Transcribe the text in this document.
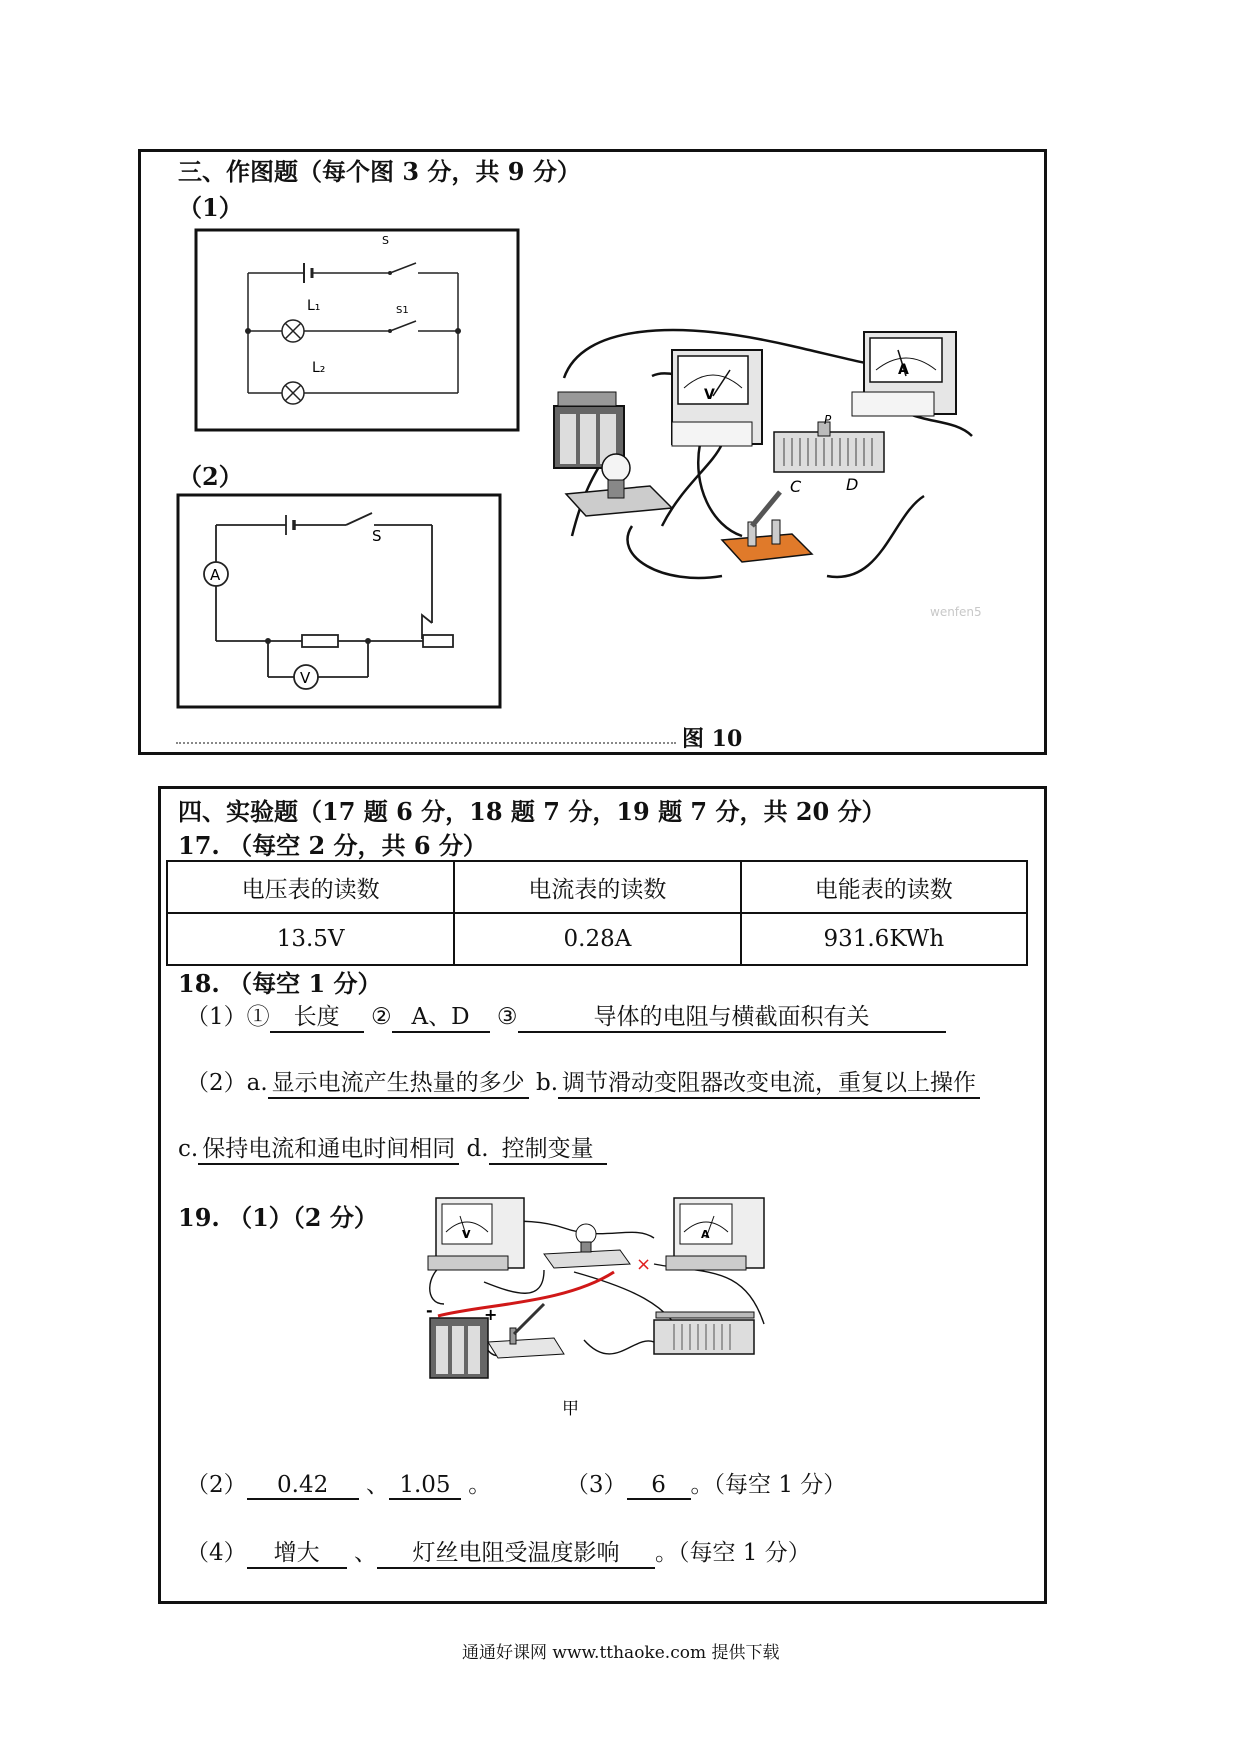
三、作图题（每个图 3 分，共 9 分）
（1）
S
L₁	S1
L₂
（2）
A
V
S
V
A
P
C	D
wenfen5
图 10
四、实验题（17 题 6 分，18 题 7 分，19 题 7 分，共 20 分）
17. （每空 2 分，共 6 分）
电压表的读数	电流表的读数	电能表的读数
13.5V	0.28A	931.6KWh
18. （每空 1 分）
（1）① 长度 ② A、D ③	导体的电阻与横截面积有关
（2）a. 显示电流产生热量的多少 b. 调节滑动变阻器改变电流，重复以上操作
c. 保持电流和通电时间相同 d. 控制变量
19. （1）（2 分）
V	A
×
-	+
甲
（2） 0.42 、 1.05 。	（3） 6 。（每空 1 分）
（4） 增大 、 灯丝电阻受温度影响 。（每空 1 分）
通通好课网 www.tthaoke.com 提供下载
